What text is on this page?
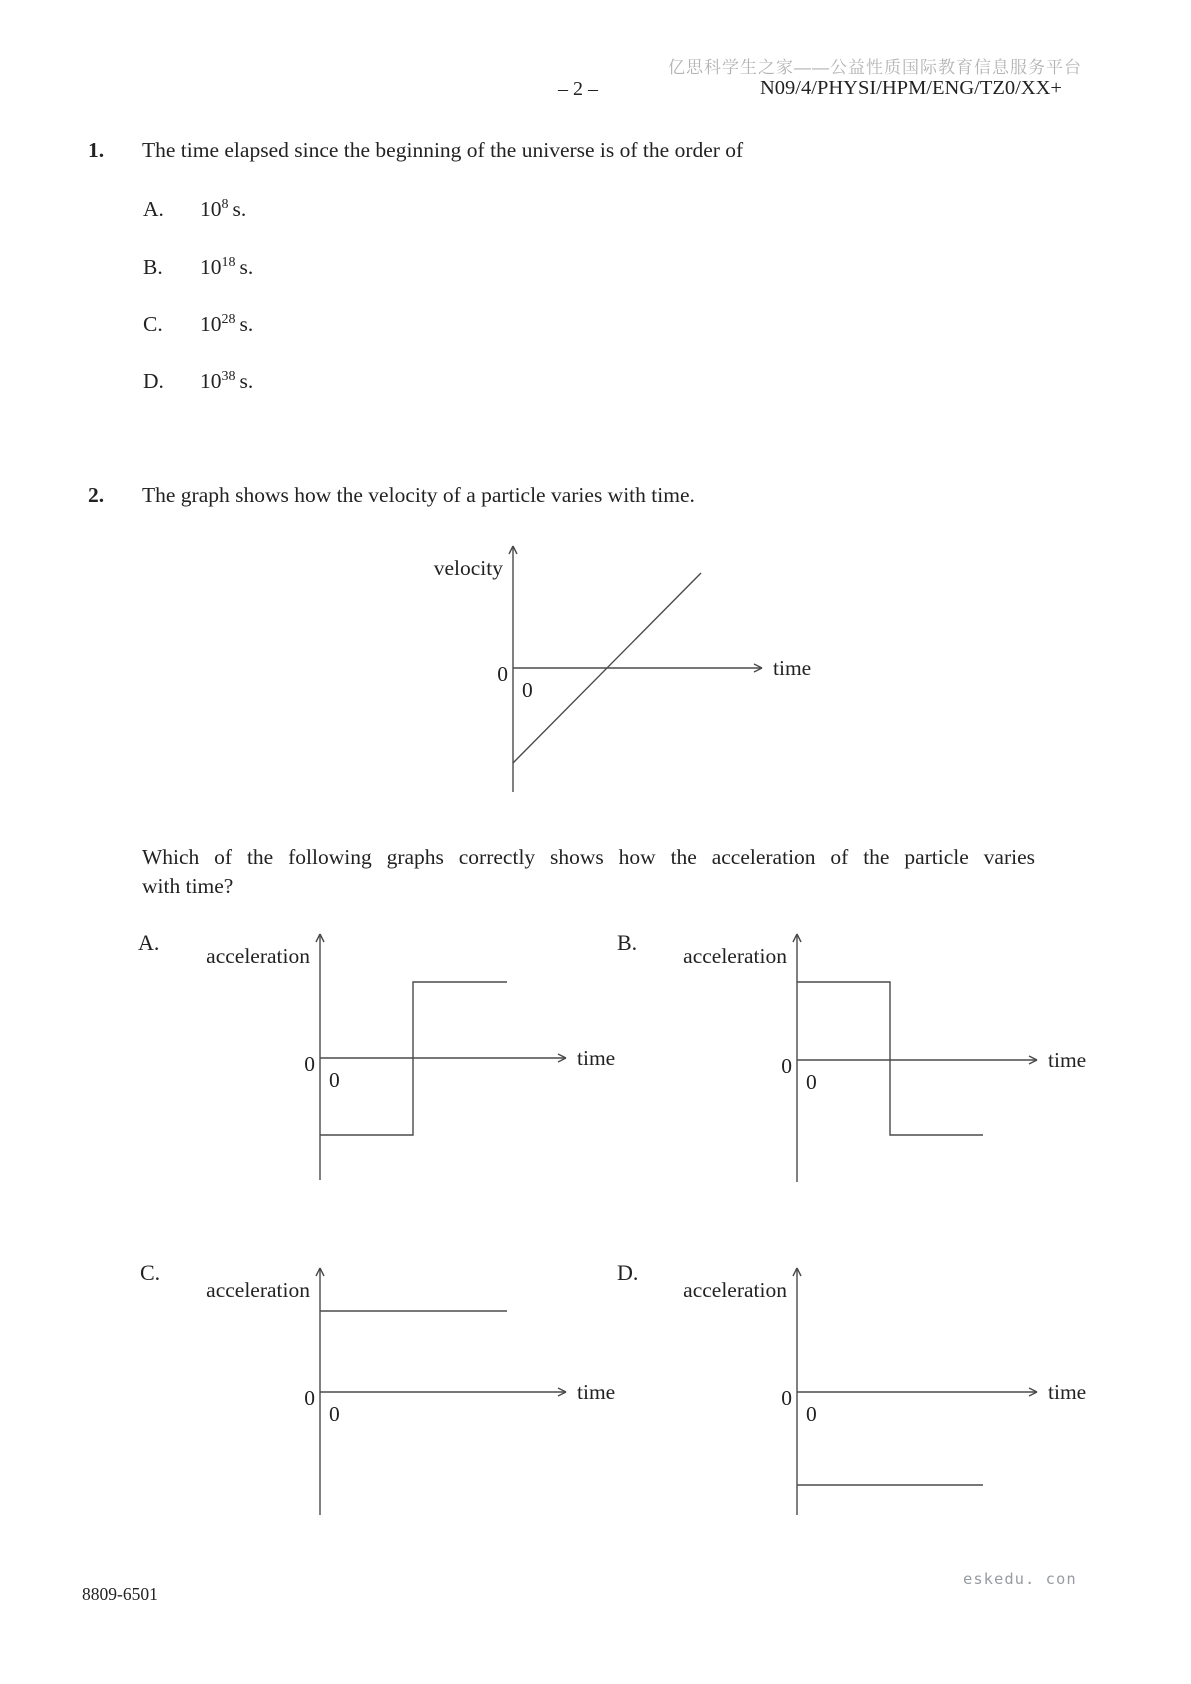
亿思科学生之家——公益性质国际教育信息服务平台
– 2 –	N09/4/PHYSI/HPM/ENG/TZ0/XX+
1. The time elapsed since the beginning of the universe is of the order of
A. $10^8$ s.
B. $10^{18}$ s.
C. $10^{28}$ s.
D. $10^{38}$ s.
2. The graph shows how the velocity of a particle varies with time.
velocity
time
0
0
Which of the following graphs correctly shows how the acceleration of the particle varies
with time?
A.	B.
C.	D.
acceleration
time
0
0
acceleration
time
0
0
acceleration
time
0
0
acceleration
time
0
0
8809-6501
eskedu. con
